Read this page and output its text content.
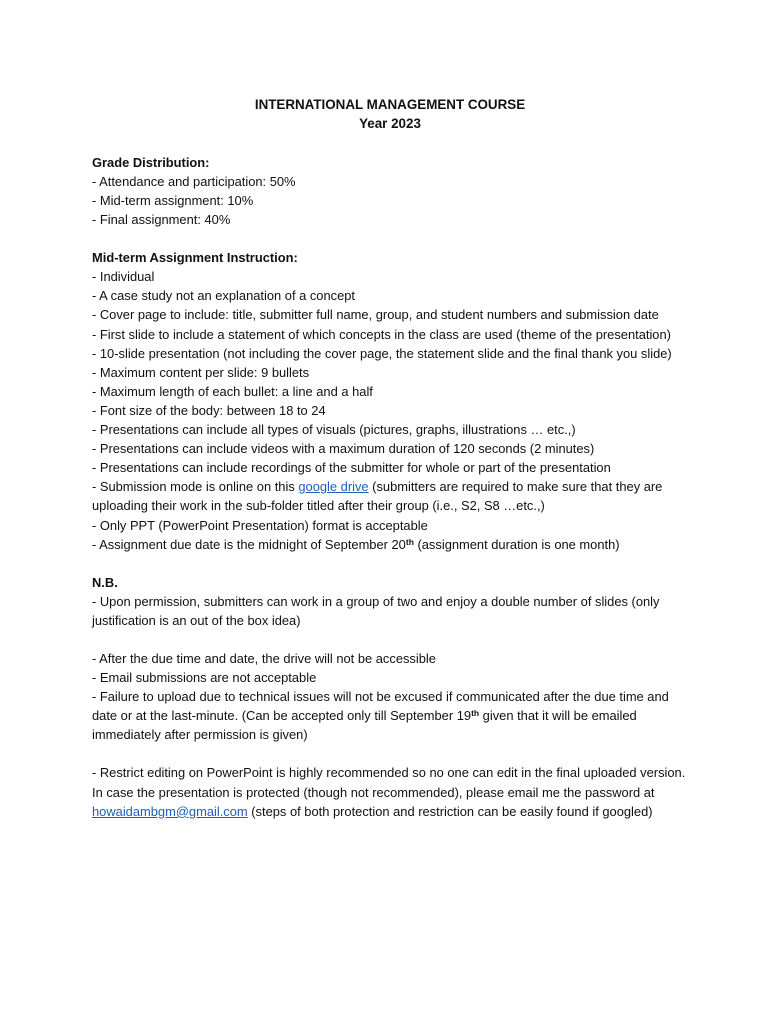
INTERNATIONAL MANAGEMENT COURSE
Year 2023
Grade Distribution:
- Attendance and participation: 50%
- Mid-term assignment: 10%
- Final assignment: 40%
Mid-term Assignment Instruction:
- Individual
- A case study not an explanation of a concept
- Cover page to include: title, submitter full name, group, and student numbers and submission date
- First slide to include a statement of which concepts in the class are used (theme of the presentation)
- 10-slide presentation (not including the cover page, the statement slide and the final thank you slide)
- Maximum content per slide: 9 bullets
- Maximum length of each bullet: a line and a half
- Font size of the body: between 18 to 24
- Presentations can include all types of visuals (pictures, graphs, illustrations … etc.,)
- Presentations can include videos with a maximum duration of 120 seconds (2 minutes)
- Presentations can include recordings of the submitter for whole or part of the presentation
- Submission mode is online on this google drive (submitters are required to make sure that they are uploading their work in the sub-folder titled after their group (i.e., S2, S8 …etc.,)
- Only PPT (PowerPoint Presentation) format is acceptable
- Assignment due date is the midnight of September 20th (assignment duration is one month)
N.B.
- Upon permission, submitters can work in a group of two and enjoy a double number of slides (only justification is an out of the box idea)
- After the due time and date, the drive will not be accessible
- Email submissions are not acceptable
- Failure to upload due to technical issues will not be excused if communicated after the due time and date or at the last-minute. (Can be accepted only till September 19th given that it will be emailed immediately after permission is given)
- Restrict editing on PowerPoint is highly recommended so no one can edit in the final uploaded version. In case the presentation is protected (though not recommended), please email me the password at howaidambgm@gmail.com (steps of both protection and restriction can be easily found if googled)
